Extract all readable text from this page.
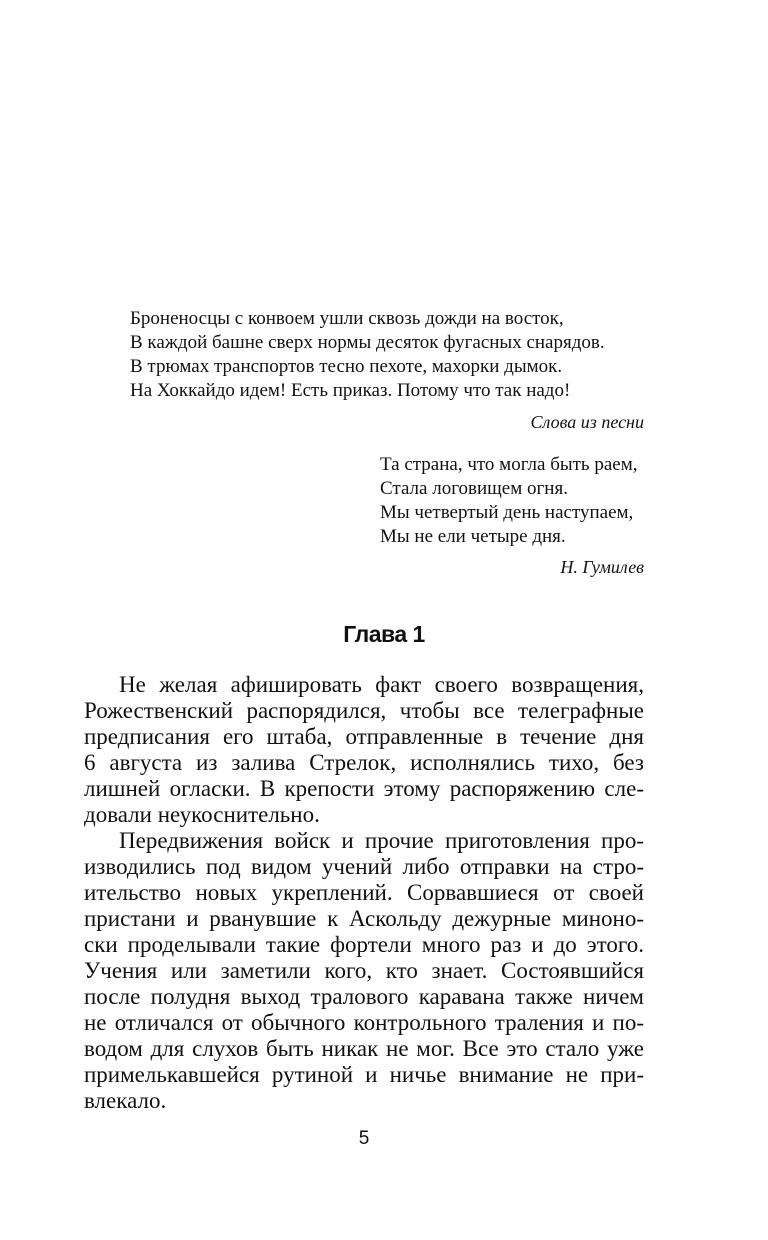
Броненосцы с конвоем ушли сквозь дожди на восток,
В каждой башне сверх нормы десяток фугасных снарядов.
В трюмах транспортов тесно пехоте, махорки дымок.
На Хоккайдо идем! Есть приказ. Потому что так надо!
Слова из песни
Та страна, что могла быть раем,
Стала логовищем огня.
Мы четвертый день наступаем,
Мы не ели четыре дня.
Н. Гумилев
Глава 1
Не желая афишировать факт своего возвращения,
Рожественский распорядился, чтобы все телеграфные
предписания его штаба, отправленные в течение дня
6 августа из залива Стрелок, исполнялись тихо, без
лишней огласки. В крепости этому распоряжению сле-
довали неукоснительно.
Передвижения войск и прочие приготовления про-
изводились под видом учений либо отправки на стро-
ительство новых укреплений. Сорвавшиеся от своей
пристани и рванувшие к Аскольду дежурные миноно-
ски проделывали такие фортели много раз и до этого.
Учения или заметили кого, кто знает. Состоявшийся
после полудня выход тралового каравана также ничем
не отличался от обычного контрольного траления и по-
водом для слухов быть никак не мог. Все это стало уже
примелькавшейся рутиной и ничье внимание не при-
влекало.
5
